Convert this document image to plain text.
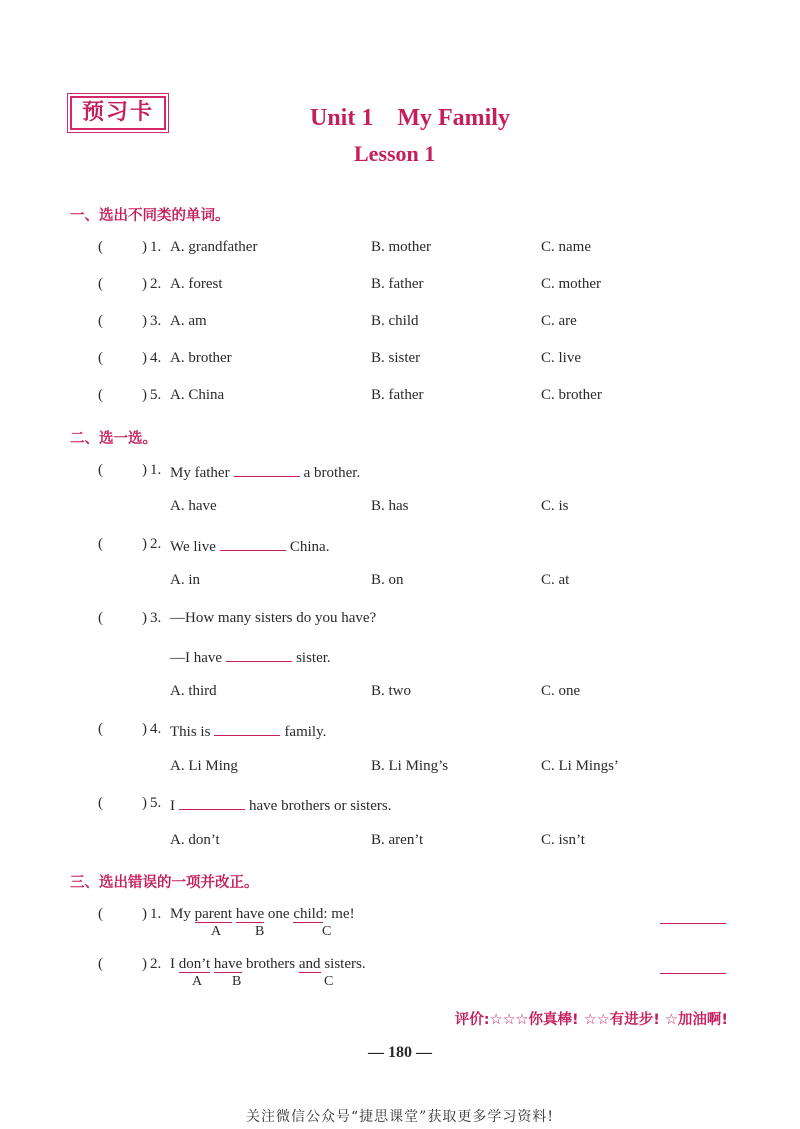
预习卡	Unit 1　My Family
Lesson 1
一、选出不同类的单词。
(	) 1. A. grandfather	B. mother	C. name
(	) 2. A. forest	B. father	C. mother
(	) 3. A. am	B. child	C. are
(	) 4. A. brother	B. sister	C. live
(	) 5. A. China	B. father	C. brother
二、选一选。
(	) 1. My father	a brother.
A. have	B. has	C. is
(	) 2. We live	China.
A. in	B. on	C. at
(	) 3. —How many sisters do you have?
—I have	sister.
A. third	B. two	C. one
(	) 4. This is	family.
A. Li Ming	B. Li Ming’s	C. Li Mings’
(	) 5. I	have brothers or sisters.
A. don’t	B. aren’t	C. isn’t
三、选出错误的一项并改正。
(	) 1. My parent have one child: me!
A B	C
(	) 2. I don’t have brothers and sisters.
A B	C
评价:☆☆☆你真棒! ☆☆有进步! ☆加油啊!
— 180 —
关注微信公众号“捷思课堂”获取更多学习资料!
